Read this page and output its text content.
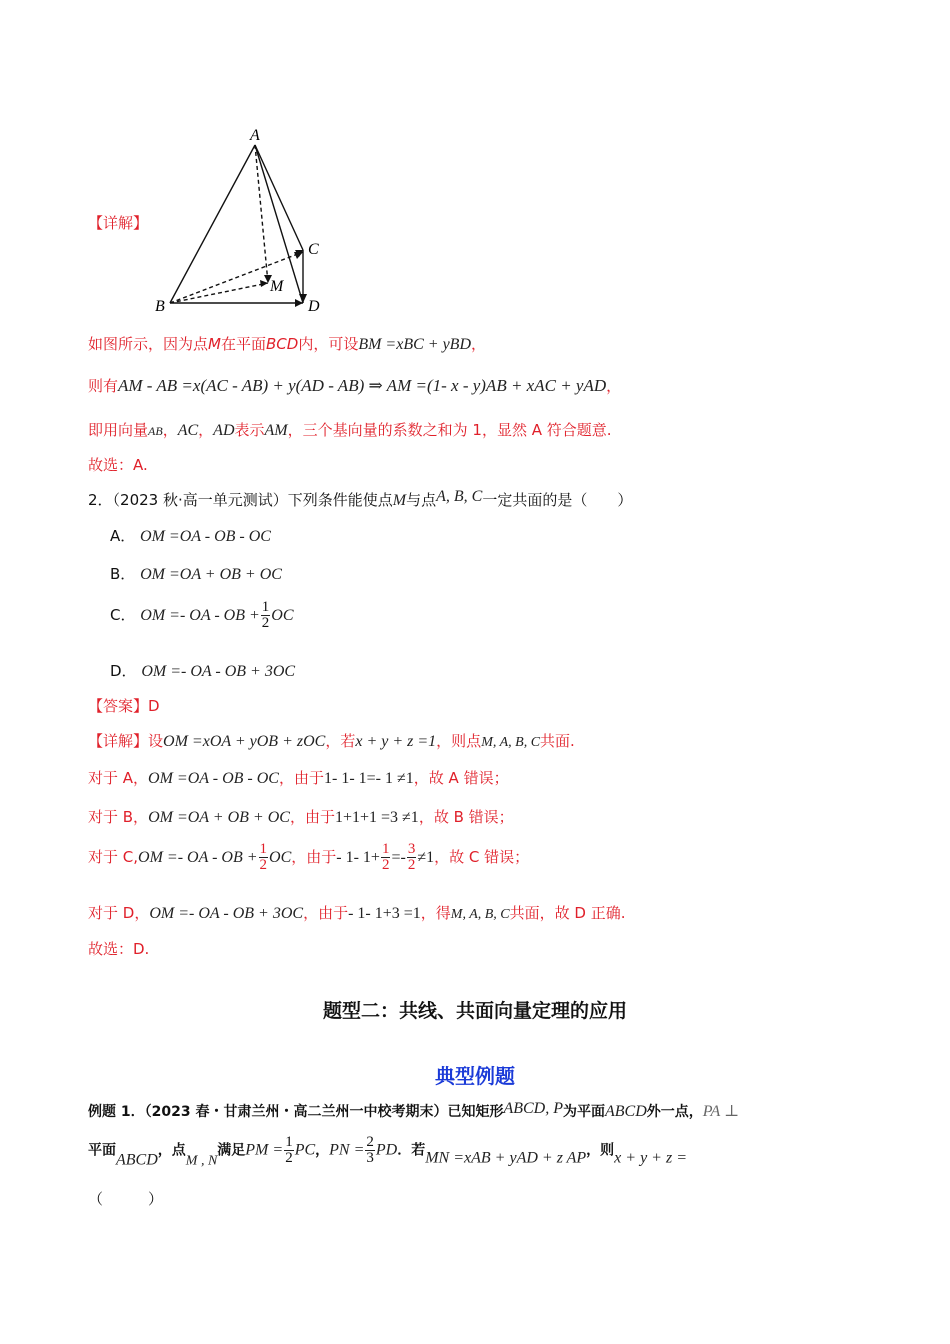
【详解】
A
B
C
D
M
如图所示，因为点M在平面BCD内，可设BM =xBC + yBD，
则有AM - AB =x(AC - AB) + y(AD - AB) ⇒ AM =(1- x - y)AB + xAC + yAD，
即用向量AB，AC，AD表示AM，三个基向量的系数之和为 1，显然 A 符合题意.
故选：A.
2．（2023 秋·高一单元测试）下列条件能使点M与点A, B, C一定共面的是（　　）
A． OM =OA - OB - OC
B． OM =OA + OB + OC
C． OM =- OA - OB + $\frac{1}{2}$ OC
D． OM =- OA - OB + 3OC
【答案】D
【详解】设OM =xOA + yOB + zOC，若x + y + z =1，则点M, A, B, C共面.
对于 A，OM =OA - OB - OC，由于1- 1- 1=- 1 ≠1，故 A 错误；
对于 B，OM =OA + OB + OC，由于1+1+1 =3 ≠1，故 B 错误；
对于 C,OM =- OA - OB + $\frac{1}{2}$ OC，由于- 1- $1+ \frac{1}{2} =- \frac{3}{2} \ne 1$，故 C 错误；
对于 D，OM =- OA - OB + 3OC，由于- 1- 1+3 =1，得M, A, B, C共面，故 D 正确.
故选：D.
题型二：共线、共面向量定理的应用
典型例题
例题 1．（2023 春・甘肃兰州・高二兰州一中校考期末）已知矩形ABCD, P为平面ABCD外一点，PA ⊥
平面ABCD，点M , N满足PM = $\frac{1}{2}$ PC，PN = $\frac{2}{3}$ PD．若MN =xAB + yAD + z AP，则x + y + z =
（　　　）
